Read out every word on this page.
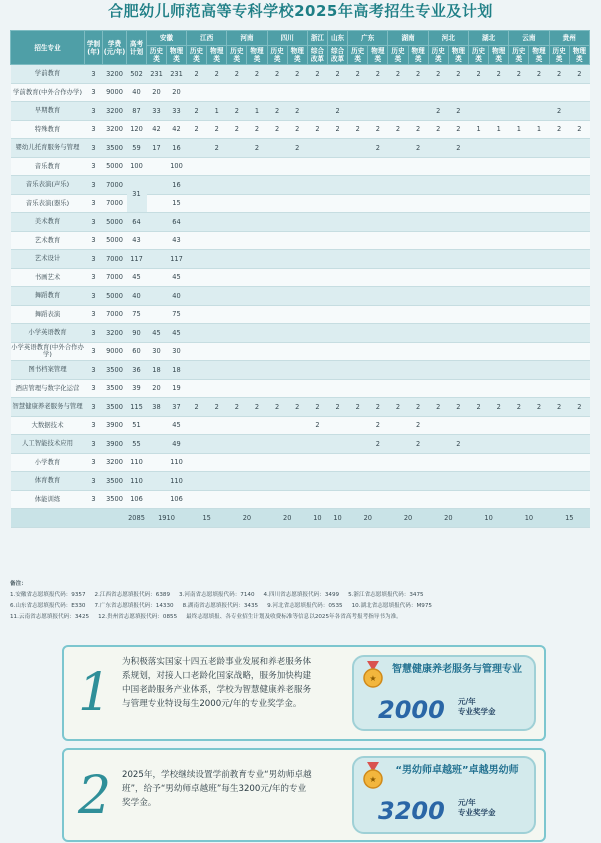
合肥幼儿师范高等专科学校2025年高考招生专业及计划
招生专业	学制(年)	学费(元/年)	高考计划	安徽		江西		河南		四川		浙江	山东	广东		湖南		河北		湖北		云南		贵州	
				历史类	物理类	历史类	物理类	历史类	物理类	历史类	物理类	综合改革	综合改革	历史类	物理类	历史类	物理类	历史类	物理类	历史类	物理类	历史类	物理类	历史类	物理类
学前教育	3	3200	502	231	231	2	2	2	2	2	2	2	2	2	2	2	2	2	2	2	2	2	2	2	2
学前教育(中外合作办学)	3	9000	40	20	20																				
早期教育	3	3200	87	33	33	2	1	2	1	2	2		2					2	2					2	
特殊教育	3	3200	120	42	42	2	2	2	2	2	2	2	2	2	2	2	2	2	2	1	1	1	1	2	2
婴幼儿托育服务与管理	3	3500	59	17	16		2		2		2				2		2		2						
音乐教育	3	5000	100		100																				
音乐表演(声乐)	3	7000	31		16																				
音乐表演(器乐)	3	7000			15																				
美术教育	3	5000	64		64																				
艺术教育	3	5000	43		43																				
艺术设计	3	7000	117		117																				
书画艺术	3	7000	45		45																				
舞蹈教育	3	5000	40		40																				
舞蹈表演	3	7000	75		75																				
小学英语教育	3	3200	90	45	45																				
小学英语教育(中外合作办学)	3	9000	60	30	30																				
图书档案管理	3	3500	36	18	18																				
酒店管理与数字化运营	3	3500	39	20	19																				
智慧健康养老服务与管理	3	3500	115	38	37	2	2	2	2	2	2	2	2	2	2	2	2	2	2	2	2	2	2	2	2
大数据技术	3	3900	51		45							2			2		2								
人工智能技术应用	3	3900	55		49										2		2		2						
小学教育	3	3200	110		110																				
体育教育	3	3500	110		110																				
体能训练	3	3500	106		106																				
			2085	1910		15		20		20		10	10	20		20		20		10		10		15	
备注：
1.安徽省志愿填报代码：9357 2.江西省志愿填报代码：6389 3.河南省志愿填报代码：7140 4.四川省志愿填报代码：3499 5.浙江省志愿填报代码：3475
6.山东省志愿填报代码：E330 7.广东省志愿填报代码：14330 8.湖南省志愿填报代码：3435 9.河北省志愿填报代码：0535 10.湖北省志愿填报代码：M975
11.云南省志愿填报代码：3425 12.贵州省志愿填报代码：0855 最终志愿填报、各专业招生计划及收费标准等信息以2025年各省高考报考指导书为准。
1
为积极落实国家十四五老龄事业发展和养老服务体系规划，对接人口老龄化国家战略，服务加快构建中国老龄服务产业体系，学校为智慧健康养老服务与管理专业特设每生2000元/年的专业奖学金。
★
智慧健康养老服务与管理专业
2000 元/年
专业奖学金
2 2025年，学校继续设置学前教育专业“男幼师卓越班”，给予“男幼师卓越班”每生3200元/年的专业奖学金。
★
“男幼师卓越班”卓越男幼师
3200 元/年
专业奖学金
